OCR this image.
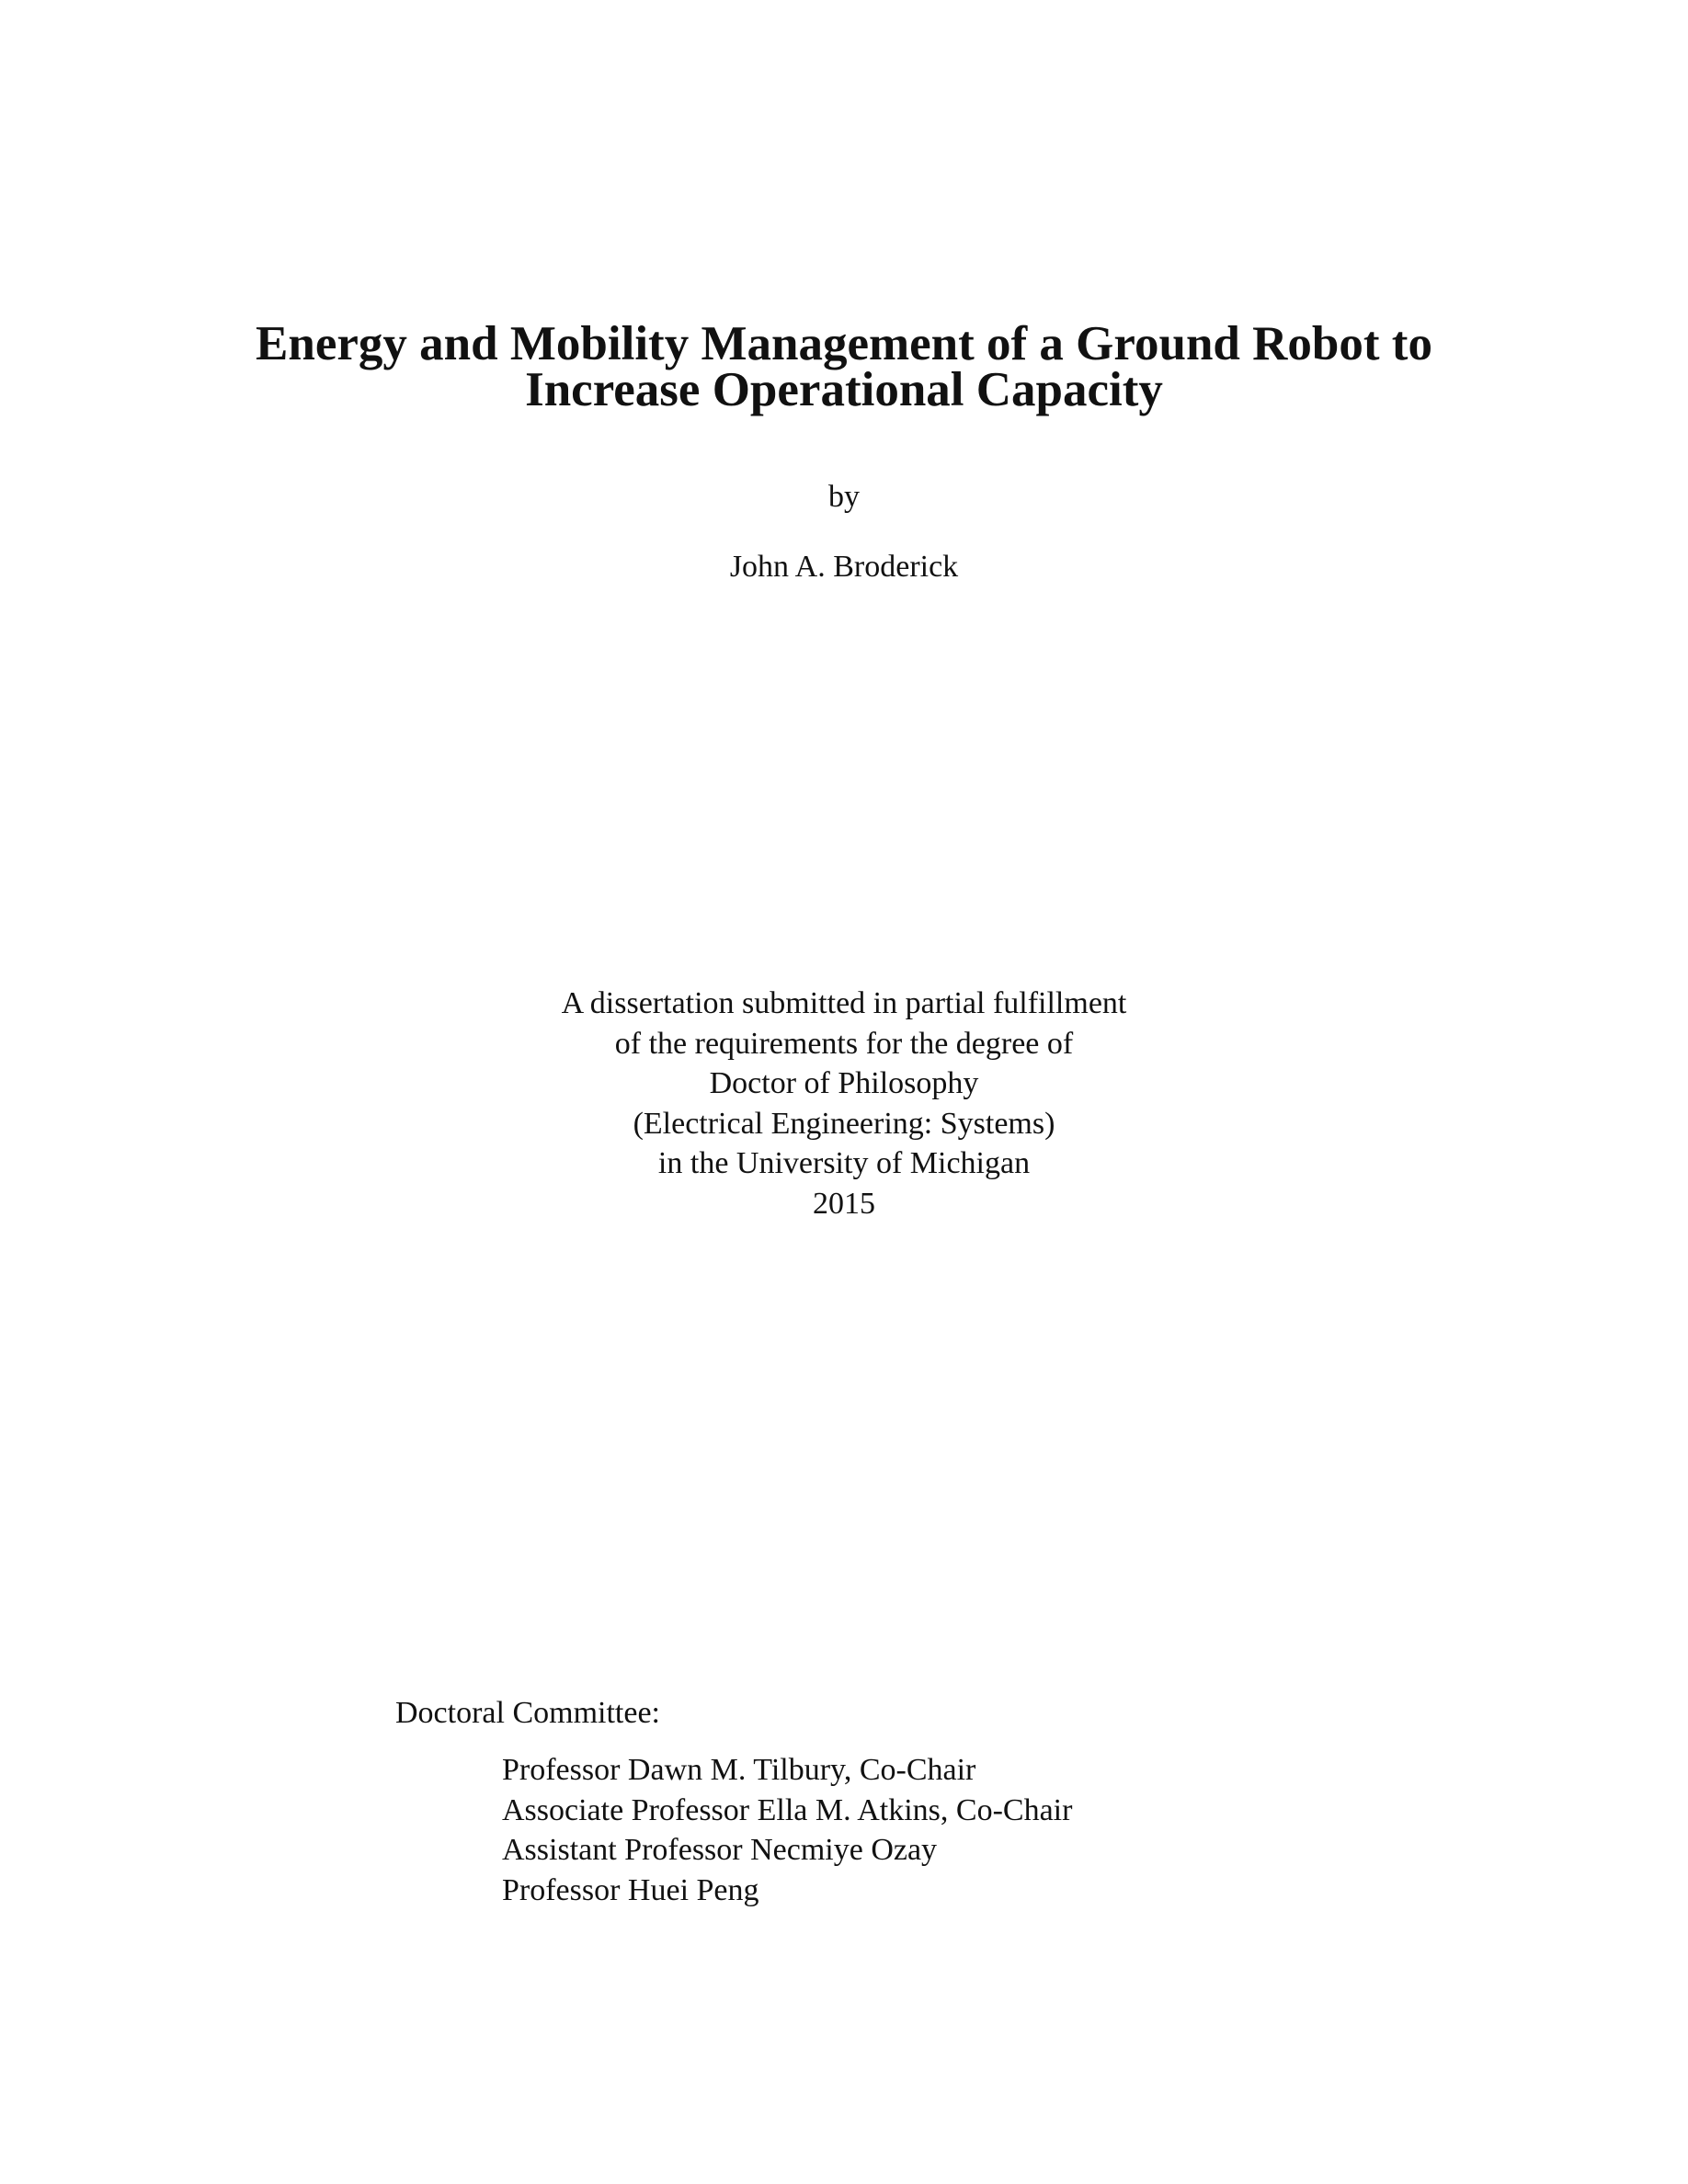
Energy and Mobility Management of a Ground Robot to
Increase Operational Capacity
by
John A. Broderick
A dissertation submitted in partial fulfillment
of the requirements for the degree of
Doctor of Philosophy
(Electrical Engineering: Systems)
in the University of Michigan
2015
Doctoral Committee:
Professor Dawn M. Tilbury, Co-Chair
Associate Professor Ella M. Atkins, Co-Chair
Assistant Professor Necmiye Ozay
Professor Huei Peng
